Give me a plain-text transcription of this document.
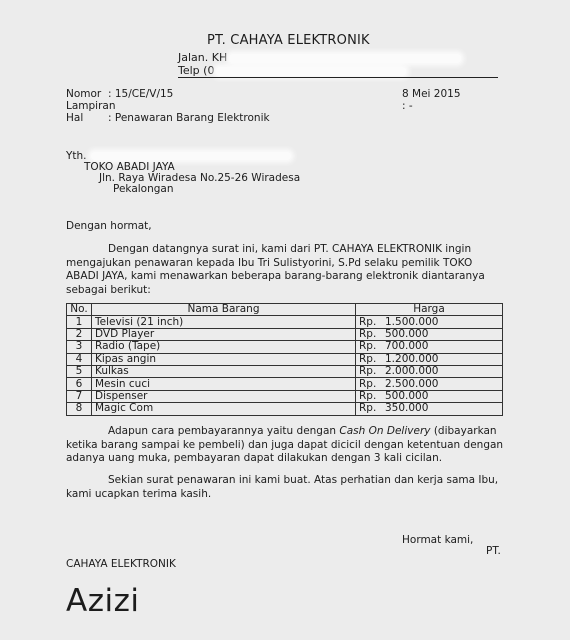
PT. CAHAYA ELEKTRONIK
Jalan. KH
Telp (0
Nomor : 15/CE/V/15	8 Mei 2015
Lampiran	: -
Hal : Penawaran Barang Elektronik
Yth.
TOKO ABADI JAYA
Jln. Raya Wiradesa No.25-26 Wiradesa
Pekalongan
Dengan hormat,
Dengan datangnya surat ini, kami dari PT. CAHAYA ELEKTRONIK ingin mengajukan penawaran kepada Ibu Tri Sulistyorini, S.Pd selaku pemilik TOKO ABADI JAYA, kami menawarkan beberapa barang-barang elektronik diantaranya sebagai berikut:
No.	Nama Barang	Harga
1	Televisi (21 inch)	Rp. 1.500.000
2	DVD Player	Rp. 500.000
3	Radio (Tape)	Rp. 700.000
4	Kipas angin	Rp. 1.200.000
5	Kulkas	Rp. 2.000.000
6	Mesin cuci	Rp. 2.500.000
7	Dispenser	Rp. 500.000
8	Magic Com	Rp. 350.000
Adapun cara pembayarannya yaitu dengan Cash On Delivery (dibayarkan ketika barang sampai ke pembeli) dan juga dapat dicicil dengan ketentuan dengan adanya uang muka, pembayaran dapat dilakukan dengan 3 kali cicilan.
Sekian surat penawaran ini kami buat. Atas perhatian dan kerja sama Ibu, kami ucapkan terima kasih.
Hormat kami,
PT.
CAHAYA ELEKTRONIK
Azizi
